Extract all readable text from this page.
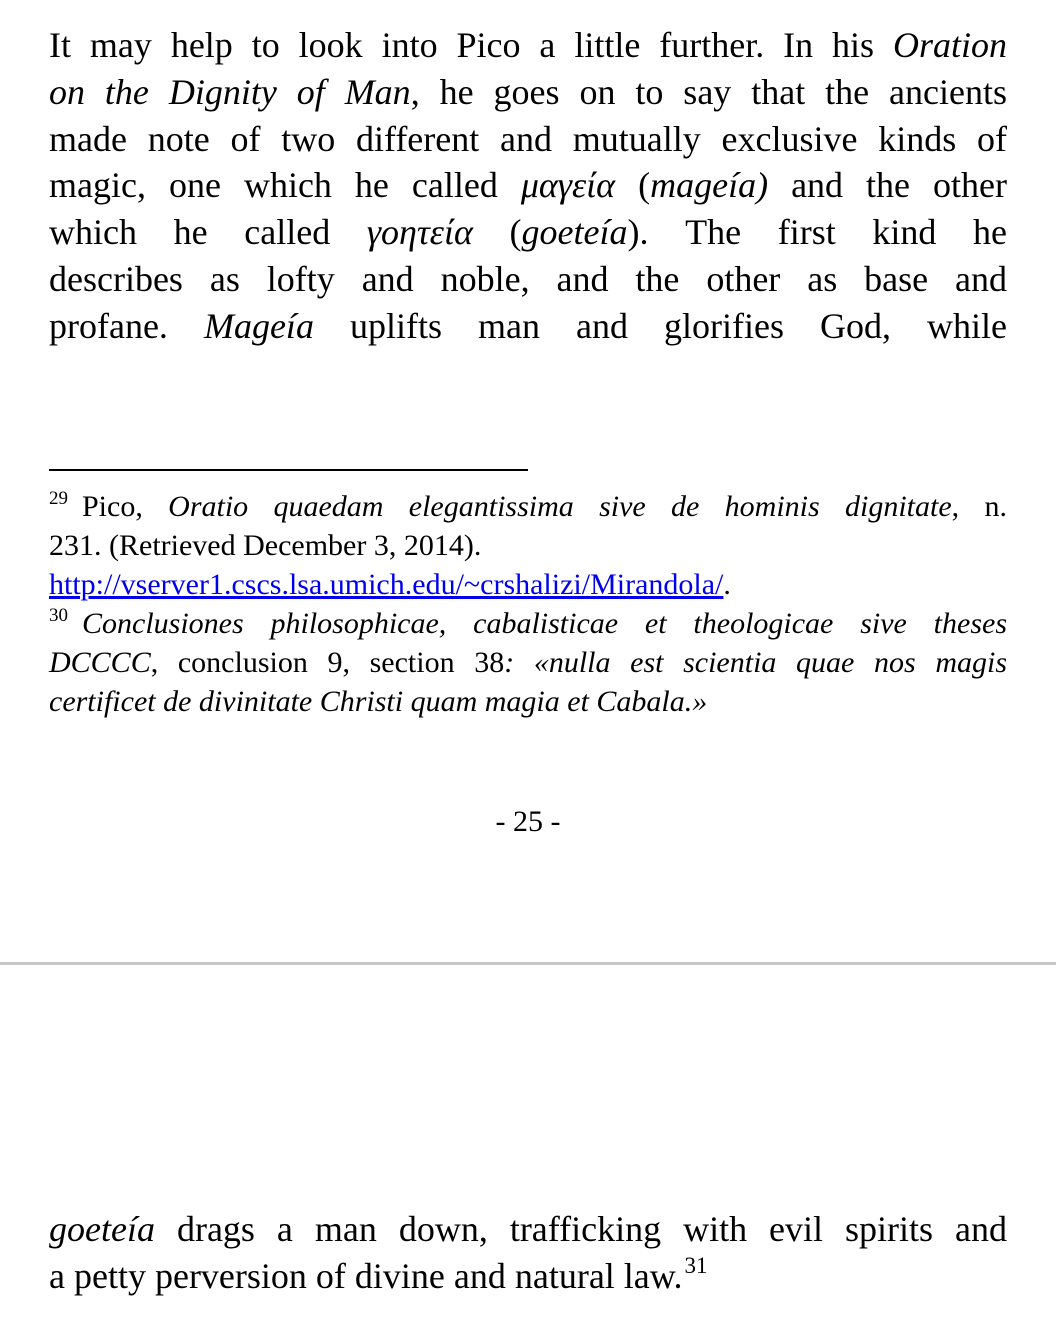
It may help to look into Pico a little further. In his Oration
on the Dignity of Man, he goes on to say that the ancients
made note of two different and mutually exclusive kinds of
magic, one which he called μαγεία (mageía) and the other
which he called γοητεία (goeteía). The first kind he
describes as lofty and noble, and the other as base and
profane. Mageía uplifts man and glorifies God, while
$^{29}$ Pico, Oratio quaedam elegantissima sive de hominis dignitate, n.
231. (Retrieved December 3, 2014).
http://vserver1.cscs.lsa.umich.edu/~crshalizi/Mirandola/.
$^{30}$ Conclusiones philosophicae, cabalisticae et theologicae sive theses
DCCCC, conclusion 9, section 38: «nulla est scientia quae nos magis
certificet de divinitate Christi quam magia et Cabala.»
- 25 -
goeteía drags a man down, trafficking with evil spirits and
a petty perversion of divine and natural law.$^{31}$
